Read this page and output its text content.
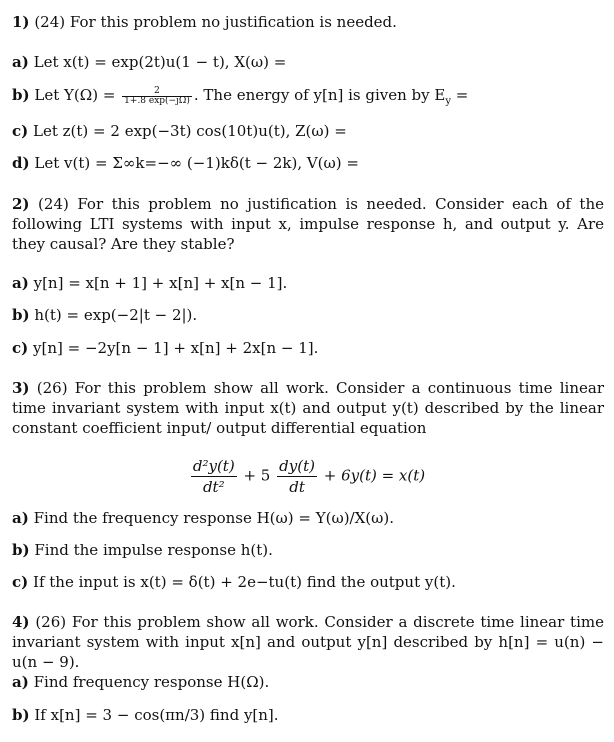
1) (24) For this problem no justification is needed.
a) Let x(t) = exp(2t)u(1 − t), X(ω) =
b) Let $Y(\Omega) = \frac{2}{1+.8 \exp(-j\Omega)}$ . The energy of y[n] is given by $E_y$ =
c) Let z(t) = 2 exp(−3t) cos(10t)u(t), Z(ω) =
d) Let v(t) = Σ∞k=−∞ (−1)kδ(t − 2k), V(ω) =
2) (24) For this problem no justification is needed. Consider each of the following LTI systems with input x, impulse response h, and output y. Are they causal? Are they stable?
a) y[n] = x[n + 1] + x[n] + x[n − 1].
b) h(t) = exp(−2|t − 2|).
c) y[n] = −2y[n − 1] + x[n] + 2x[n − 1].
3) (26) For this problem show all work. Consider a continuous time linear time invariant system with input x(t) and output y(t) described by the linear constant coefficient input/ output differential equation
$\frac{\text{d²y(t)}}{\text{dt²}} + 5 \frac{dy(t)}{dt} + 6y(t) = x(t)$
a) Find the frequency response H(ω) = Y(ω)/X(ω).
b) Find the impulse response h(t).
c) If the input is x(t) = δ(t) + 2e−tu(t) find the output y(t).
4) (26) For this problem show all work. Consider a discrete time linear time invariant system with input x[n] and output y[n] described by h[n] = u(n) − u(n − 9).
a) Find frequency response H(Ω).
b) If x[n] = 3 − cos(πn/3) find y[n].
